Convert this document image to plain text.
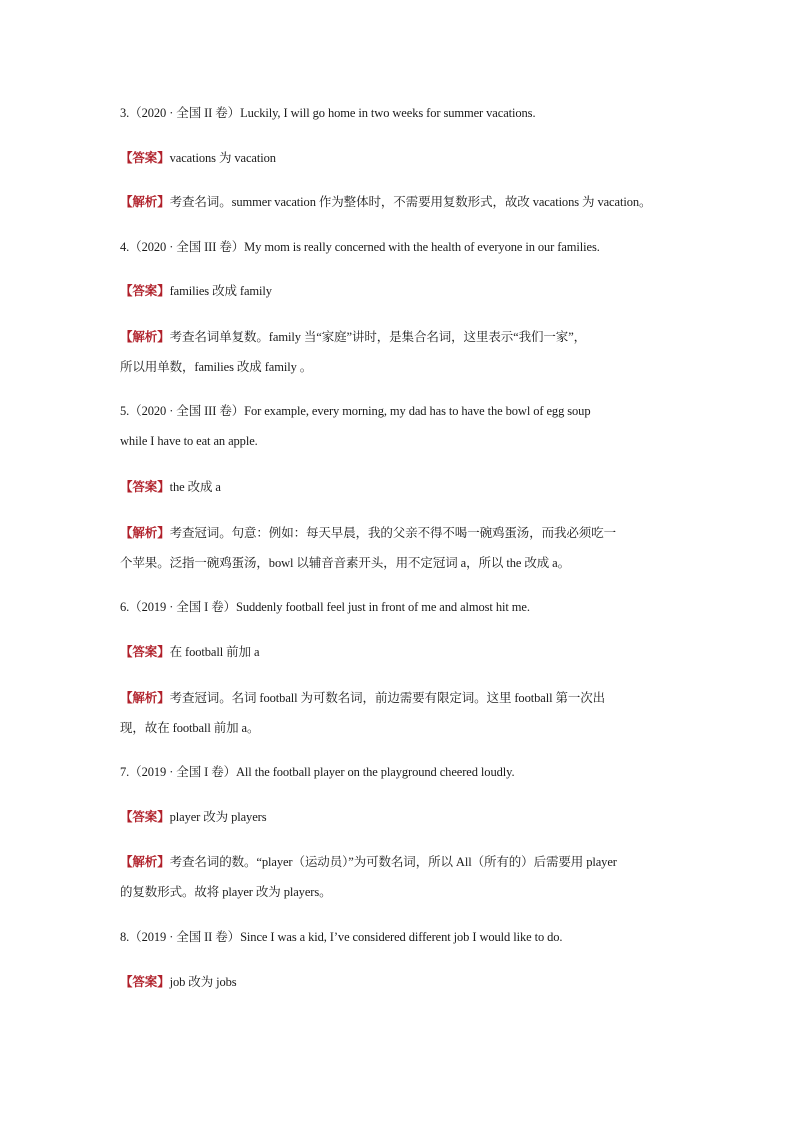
3.（2020 · 全国 II 卷）Luckily, I will go home in two weeks for summer vacations.
【答案】vacations 为 vacation
【解析】考查名词。summer vacation 作为整体时，不需要用复数形式，故改 vacations 为 vacation。
4.（2020 · 全国 III 卷）My mom is really concerned with the health of everyone in our families.
【答案】families 改成 family
【解析】考查名词单复数。family 当“家庭”讲时，是集合名词，这里表示“我们一家”，
所以用单数，families 改成 family 。
5.（2020 · 全国 III 卷）For example, every morning, my dad has to have the bowl of egg soup
while I have to eat an apple.
【答案】the 改成 a
【解析】考查冠词。句意：例如：每天早晨，我的父亲不得不喝一碗鸡蛋汤，而我必须吃一
个苹果。泛指一碗鸡蛋汤，bowl 以辅音音素开头，用不定冠词 a，所以 the 改成 a。
6.（2019 · 全国 I 卷）Suddenly football feel just in front of me and almost hit me.
【答案】在 football 前加 a
【解析】考查冠词。名词 football 为可数名词，前边需要有限定词。这里 football 第一次出
现，故在 football 前加 a。
7.（2019 · 全国 I 卷）All the football player on the playground cheered loudly.
【答案】player 改为 players
【解析】考查名词的数。“player（运动员）”为可数名词，所以 All（所有的）后需要用 player
的复数形式。故将 player 改为 players。
8.（2019 · 全国 II 卷）Since I was a kid, I’ve considered different job I would like to do.
【答案】job 改为 jobs
